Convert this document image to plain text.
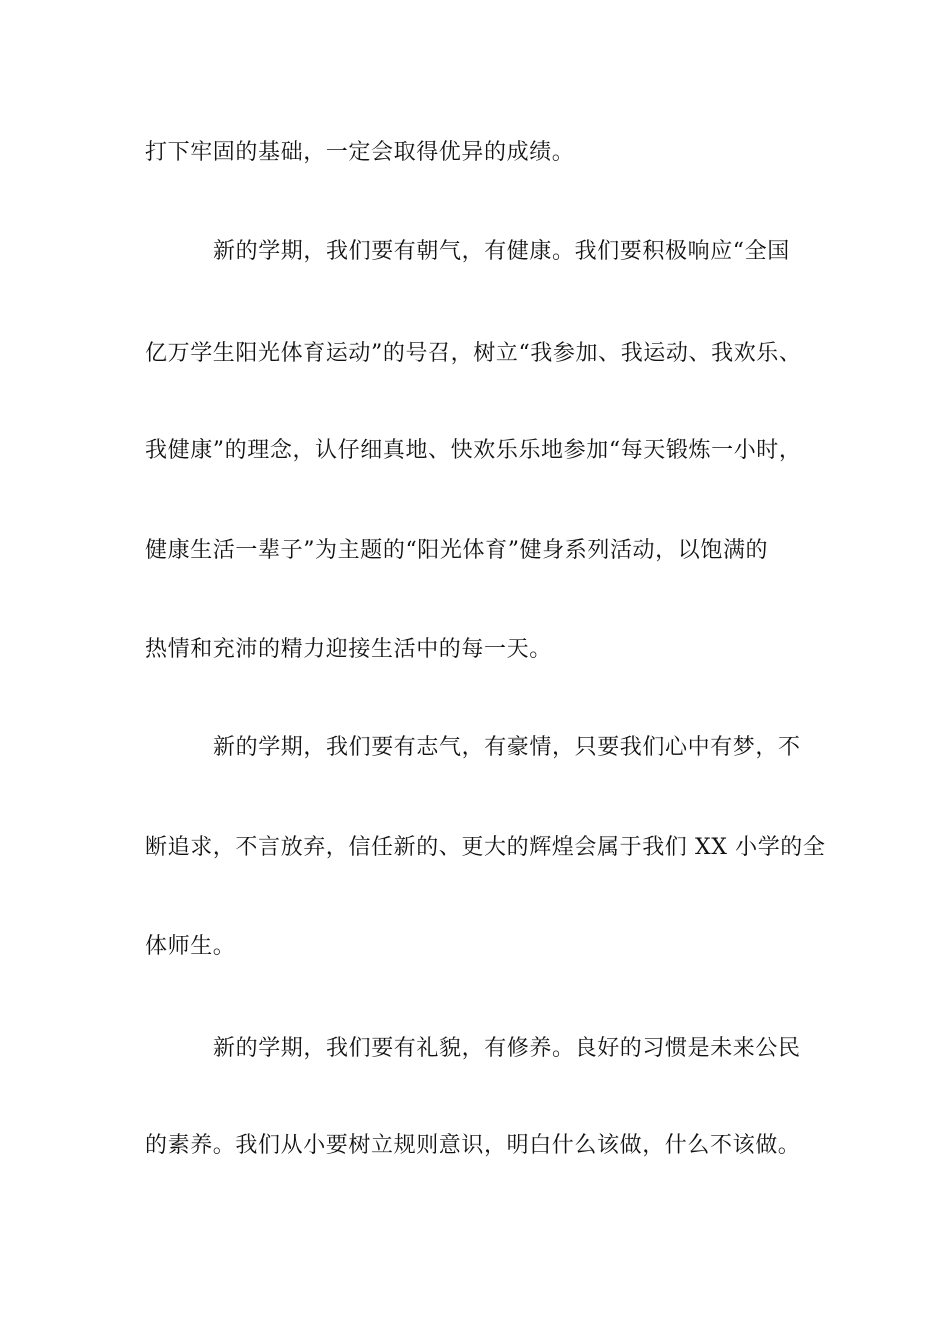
打下牢固的基础，一定会取得优异的成绩。
新的学期，我们要有朝气，有健康。我们要积极响应“全国
亿万学生阳光体育运动”的号召，树立“我参加、我运动、我欢乐、
我健康”的理念，认仔细真地、快欢乐乐地参加“每天锻炼一小时，
健康生活一辈子”为主题的“阳光体育”健身系列活动，以饱满的
热情和充沛的精力迎接生活中的每一天。
新的学期，我们要有志气，有豪情，只要我们心中有梦，不
断追求，不言放弃，信任新的、更大的辉煌会属于我们 XX 小学的全
体师生。
新的学期，我们要有礼貌，有修养。良好的习惯是未来公民
的素养。我们从小要树立规则意识，明白什么该做，什么不该做。
